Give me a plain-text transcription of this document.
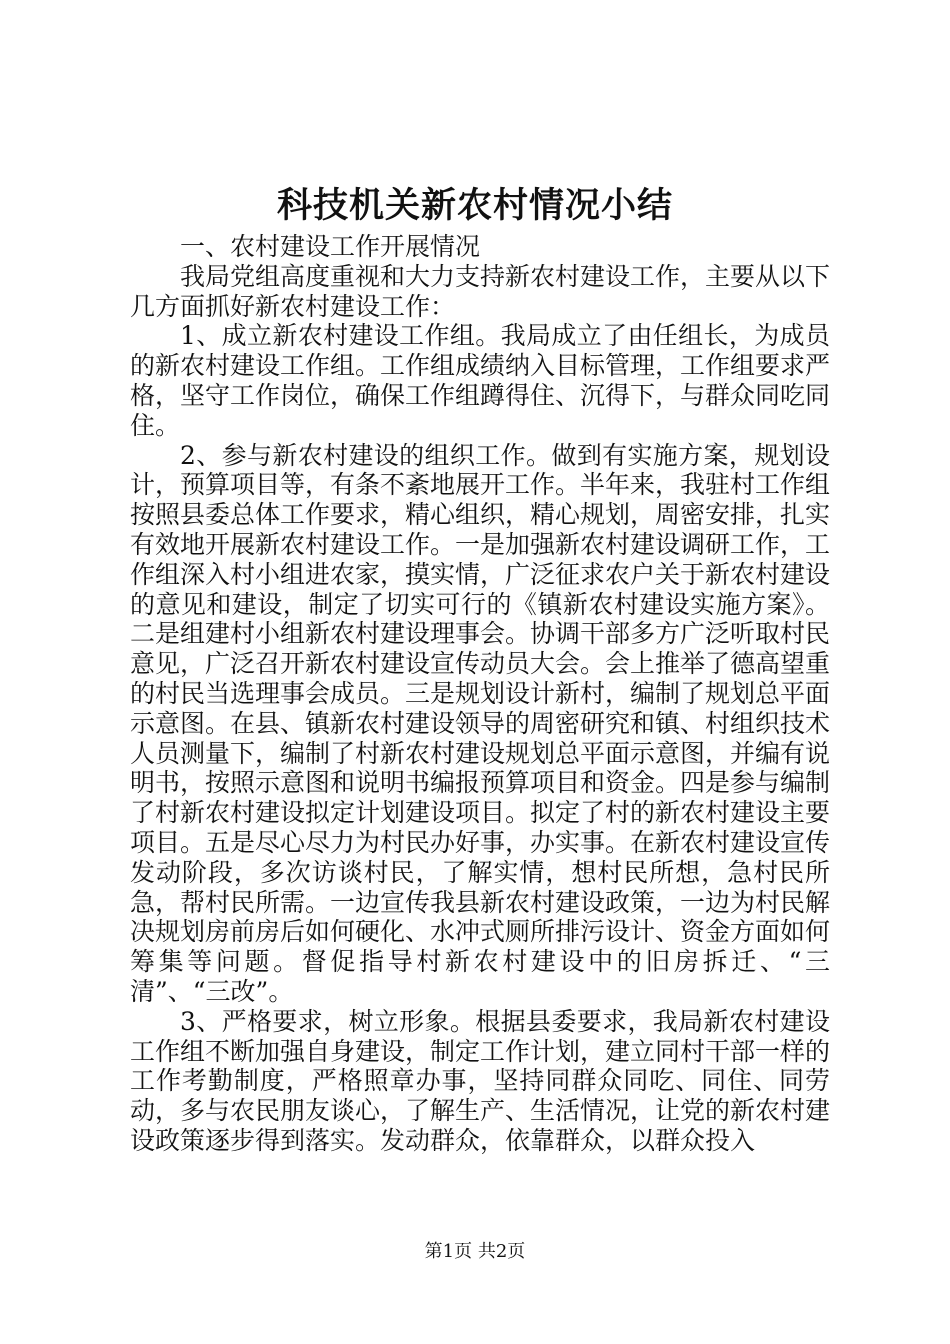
科技机关新农村情况小结

一、农村建设工作开展情况

我局党组高度重视和大力支持新农村建设工作，主要从以下几方面抓好新农村建设工作：

1、成立新农村建设工作组。我局成立了由任组长，为成员的新农村建设工作组。工作组成绩纳入目标管理，工作组要求严格，坚守工作岗位，确保工作组蹲得住、沉得下，与群众同吃同住。

2、参与新农村建设的组织工作。做到有实施方案，规划设计，预算项目等，有条不紊地展开工作。半年来，我驻村工作组按照县委总体工作要求，精心组织，精心规划，周密安排，扎实有效地开展新农村建设工作。一是加强新农村建设调研工作，工作组深入村小组进农家，摸实情，广泛征求农户关于新农村建设的意见和建设，制定了切实可行的《镇新农村建设实施方案》。二是组建村小组新农村建设理事会。协调干部多方广泛听取村民意见，广泛召开新农村建设宣传动员大会。会上推举了德高望重的村民当选理事会成员。三是规划设计新村，编制了规划总平面示意图。在县、镇新农村建设领导的周密研究和镇、村组织技术人员测量下，编制了村新农村建设规划总平面示意图，并编有说明书，按照示意图和说明书编报预算项目和资金。四是参与编制了村新农村建设拟定计划建设项目。拟定了村的新农村建设主要项目。五是尽心尽力为村民办好事，办实事。在新农村建设宣传发动阶段，多次访谈村民，了解实情，想村民所想，急村民所急，帮村民所需。一边宣传我县新农村建设政策，一边为村民解决规划房前房后如何硬化、水冲式厕所排污设计、资金方面如何筹集等问题。督促指导村新农村建设中的旧房拆迁、“三清”、“三改”。

3、严格要求，树立形象。根据县委要求，我局新农村建设工作组不断加强自身建设，制定工作计划，建立同村干部一样的工作考勤制度，严格照章办事，坚持同群众同吃、同住、同劳动，多与农民朋友谈心，了解生产、生活情况，让党的新农村建设政策逐步得到落实。发动群众，依靠群众，以群众投入

第1页 共2页
